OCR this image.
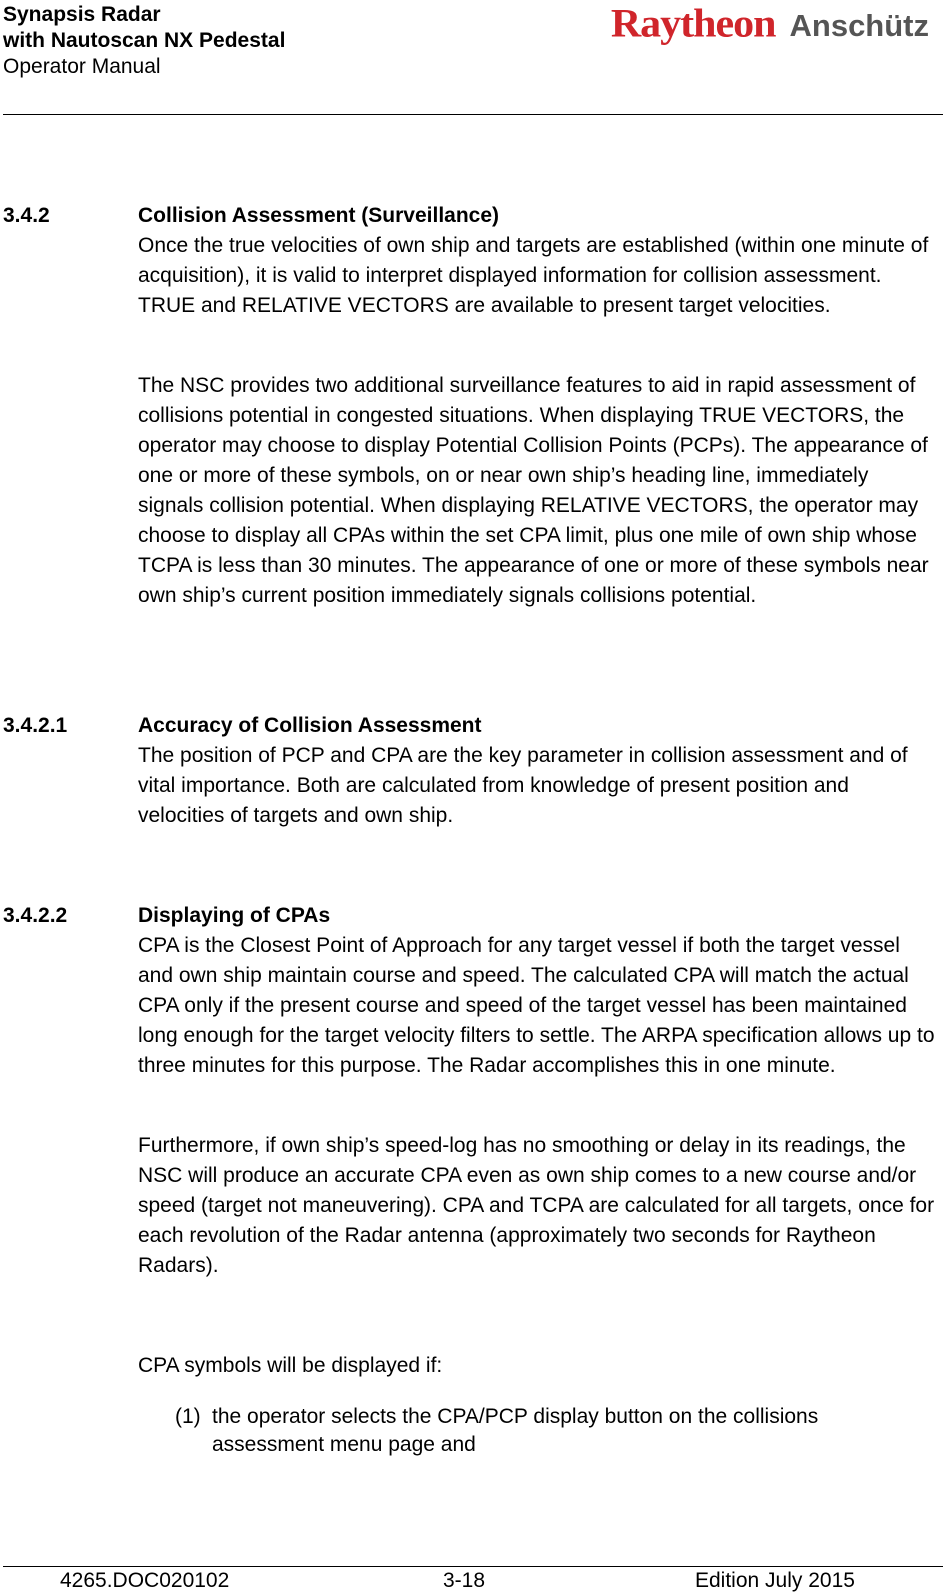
Synapsis Radar
with Nautoscan NX Pedestal
Operator Manual
Raytheon Anschütz
3.4.2	Collision Assessment (Surveillance)

Once the true velocities of own ship and targets are established (within one minute of acquisition), it is valid to interpret displayed information for collision assessment. TRUE and RELATIVE VECTORS are available to present target velocities.

The NSC provides two additional surveillance features to aid in rapid assessment of collisions potential in congested situations. When displaying TRUE VECTORS, the operator may choose to display Potential Collision Points (PCPs). The appearance of one or more of these symbols, on or near own ship’s heading line, immediately signals collision potential. When displaying RELATIVE VECTORS, the operator may choose to display all CPAs within the set CPA limit, plus one mile of own ship whose TCPA is less than 30 minutes. The appearance of one or more of these symbols near own ship’s current position immediately signals collisions potential.

3.4.2.1	Accuracy of Collision Assessment

The position of PCP and CPA are the key parameter in collision assessment and of vital importance. Both are calculated from knowledge of present position and velocities of targets and own ship.

3.4.2.2	Displaying of CPAs

CPA is the Closest Point of Approach for any target vessel if both the target vessel and own ship maintain course and speed. The calculated CPA will match the actual CPA only if the present course and speed of the target vessel has been maintained long enough for the target velocity filters to settle. The ARPA specification allows up to three minutes for this purpose. The Radar accomplishes this in one minute.

Furthermore, if own ship’s speed-log has no smoothing or delay in its readings, the NSC will produce an accurate CPA even as own ship comes to a new course and/or speed (target not maneuvering). CPA and TCPA are calculated for all targets, once for each revolution of the Radar antenna (approximately two seconds for Raytheon Radars).

CPA symbols will be displayed if:

(1) the operator selects the CPA/PCP display button on the collisions assessment menu page and
4265.DOC020102	3-18	Edition July 2015
